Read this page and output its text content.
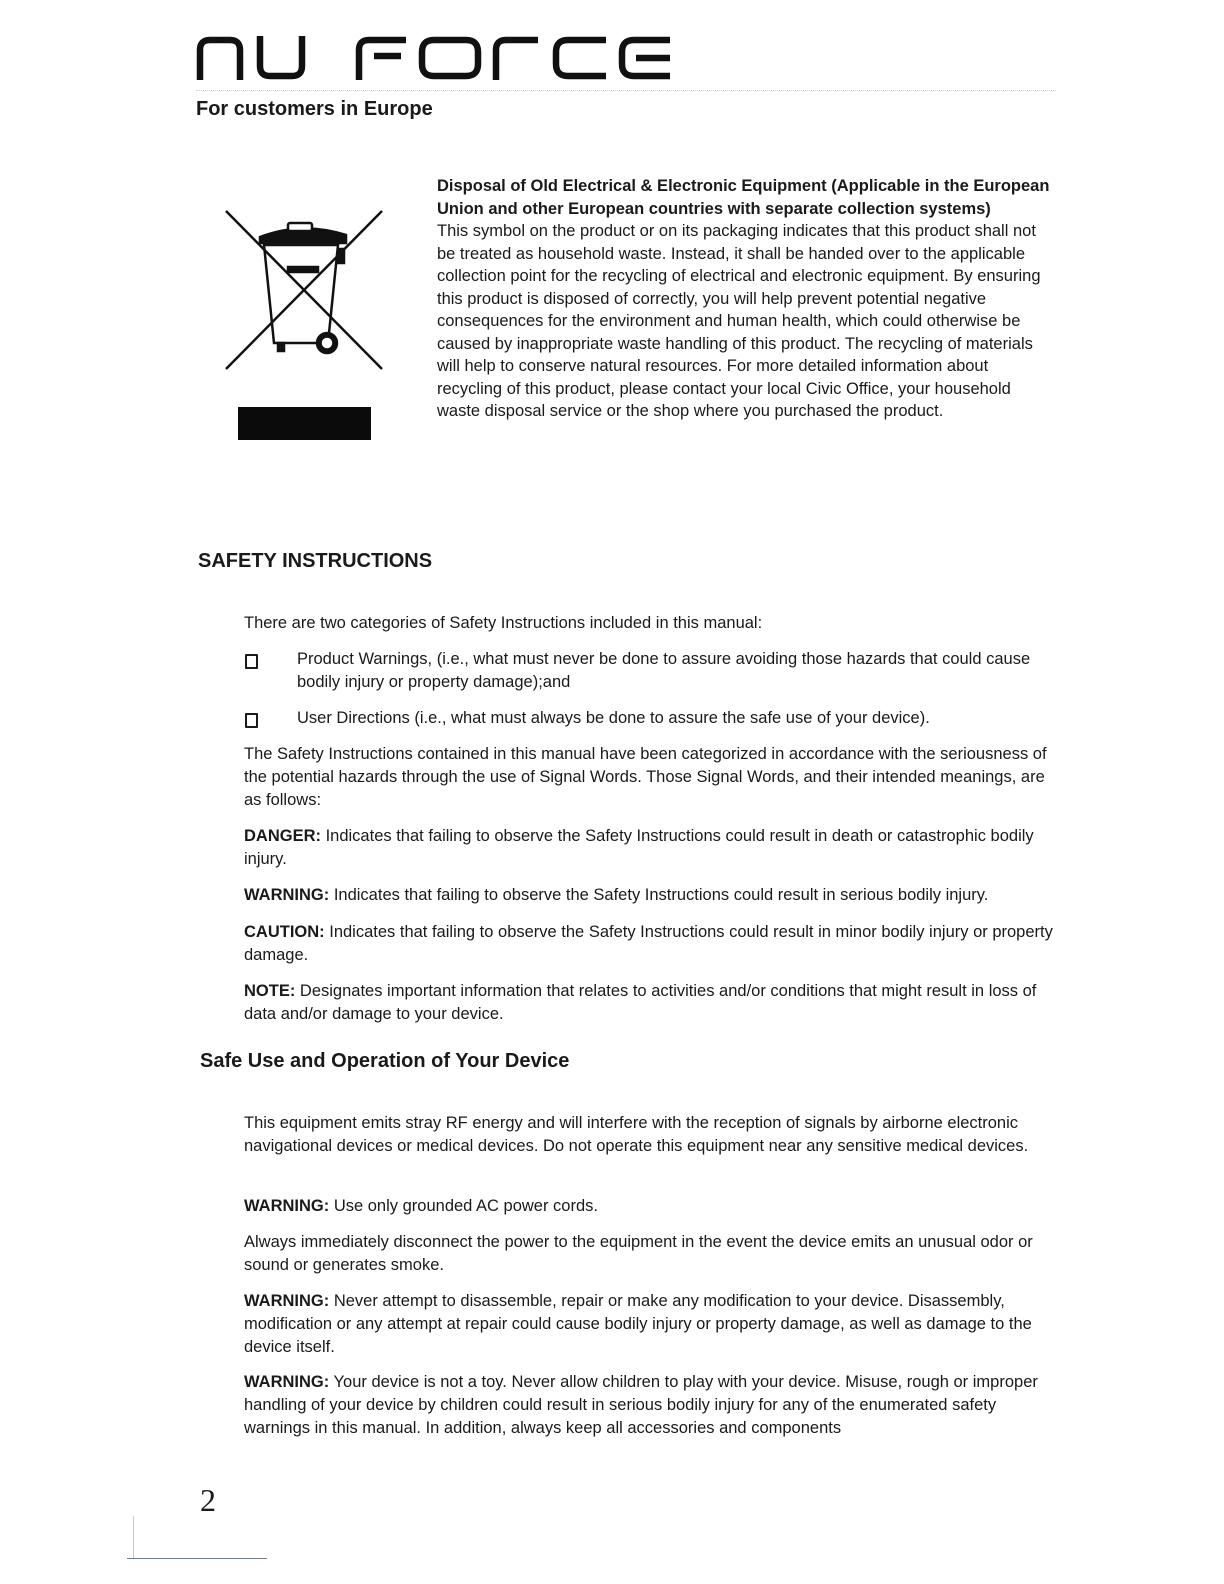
For customers in Europe

Disposal of Old Electrical & Electronic Equipment (Applicable in the European Union and other European countries with separate collection systems)

This symbol on the product or on its packaging indicates that this product shall not be treated as household waste. Instead, it shall be handed over to the applicable collection point for the recycling of electrical and electronic equipment. By ensuring this product is disposed of correctly, you will help prevent potential negative consequences for the environment and human health, which could otherwise be caused by inappropriate waste handling of this product. The recycling of materials will help to conserve natural resources. For more detailed information about recycling of this product, please contact your local Civic Office, your household waste disposal service or the shop where you purchased the product.

SAFETY INSTRUCTIONS

There are two categories of Safety Instructions included in this manual:

Product Warnings, (i.e., what must never be done to assure avoiding those hazards that could cause bodily injury or property damage);and
User Directions (i.e., what must always be done to assure the safe use of your device).

The Safety Instructions contained in this manual have been categorized in accordance with the seriousness of the potential hazards through the use of Signal Words. Those Signal Words, and their intended meanings, are as follows:

DANGER: Indicates that failing to observe the Safety Instructions could result in death or catastrophic bodily injury.

WARNING: Indicates that failing to observe the Safety Instructions could result in serious bodily injury.

CAUTION: Indicates that failing to observe the Safety Instructions could result in minor bodily injury or property damage.

NOTE: Designates important information that relates to activities and/or conditions that might result in loss of data and/or damage to your device.

Safe Use and Operation of Your Device

This equipment emits stray RF energy and will interfere with the reception of signals by airborne electronic navigational devices or medical devices. Do not operate this equipment near any sensitive medical devices.

WARNING: Use only grounded AC power cords.

Always immediately disconnect the power to the equipment in the event the device emits an unusual odor or sound or generates smoke.

WARNING: Never attempt to disassemble, repair or make any modification to your device. Disassembly, modification or any attempt at repair could cause bodily injury or property damage, as well as damage to the device itself.

WARNING: Your device is not a toy. Never allow children to play with your device. Misuse, rough or improper handling of your device by children could result in serious bodily injury for any of the enumerated safety warnings in this manual. In addition, always keep all accessories and components

2
